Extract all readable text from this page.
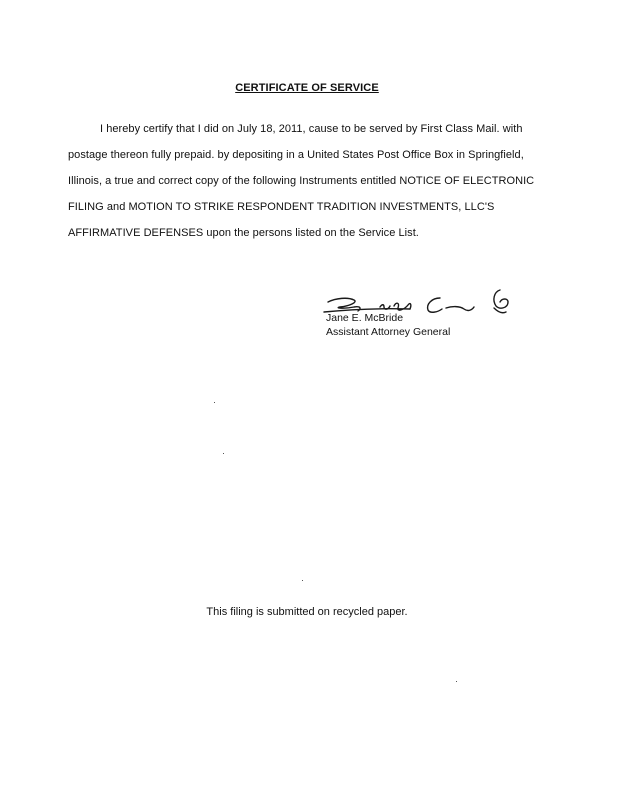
CERTIFICATE OF SERVICE
I hereby certify that I did on July 18, 2011, cause to be served by First Class Mail. with
postage thereon fully prepaid. by depositing in a United States Post Office Box in Springfield,
Illinois, a true and correct copy of the following Instruments entitled NOTICE OF ELECTRONIC
FILING and MOTION TO STRIKE RESPONDENT TRADITION INVESTMENTS, LLC'S
AFFIRMATIVE DEFENSES upon the persons listed on the Service List.
Jane E. McBride
Assistant Attorney General
This filing is submitted on recycled paper.
